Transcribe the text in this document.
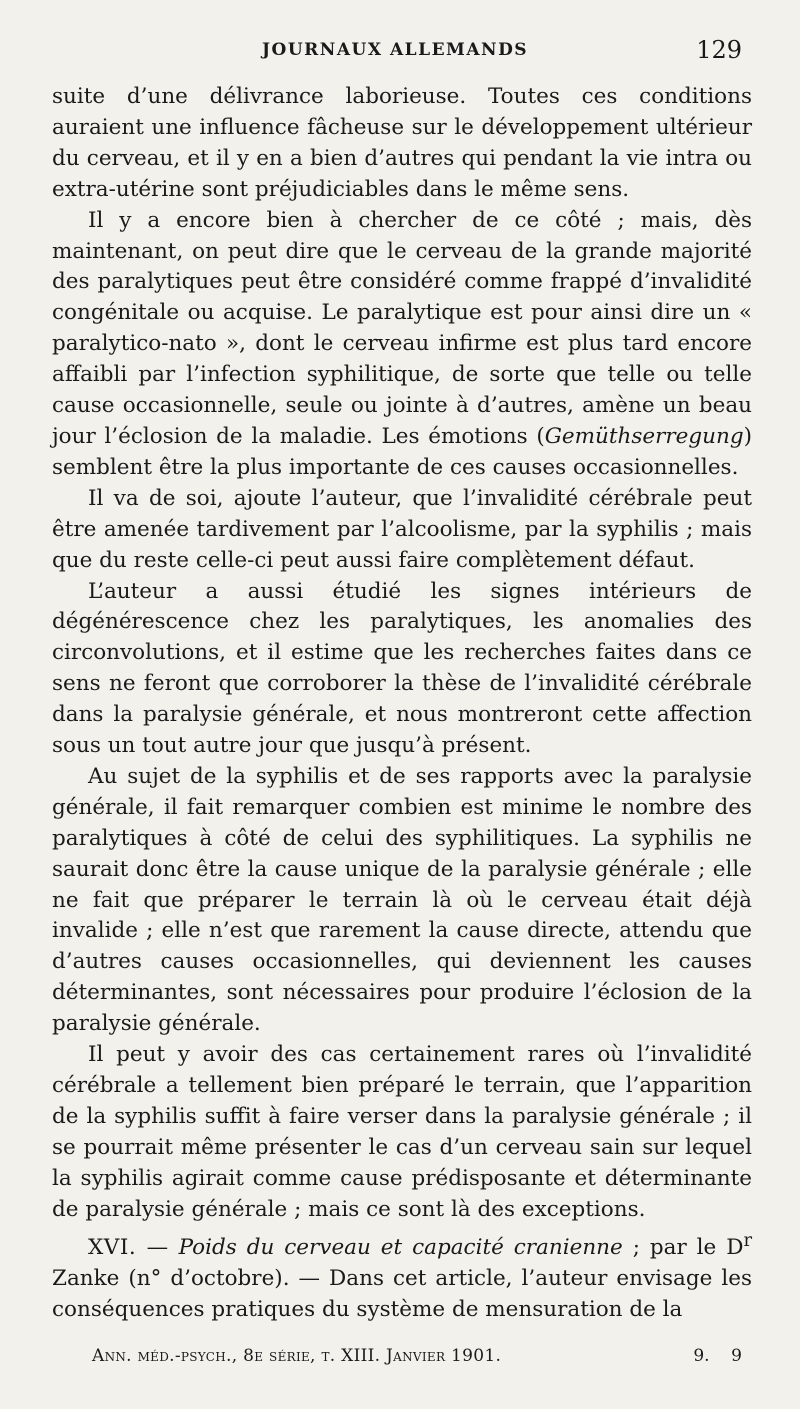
JOURNAUX ALLEMANDS	129

suite d’une délivrance laborieuse. Toutes ces conditions auraient une influence fâcheuse sur le développement ultérieur du cerveau, et il y en a bien d’autres qui pendant la vie intra ou extra-utérine sont préjudiciables dans le même sens.

Il y a encore bien à chercher de ce côté ; mais, dès maintenant, on peut dire que le cerveau de la grande majorité des paralytiques peut être considéré comme frappé d’invalidité congénitale ou acquise. Le paralytique est pour ainsi dire un « paralytico-nato », dont le cerveau infirme est plus tard encore affaibli par l’infection syphilitique, de sorte que telle ou telle cause occasionnelle, seule ou jointe à d’autres, amène un beau jour l’éclosion de la maladie. Les émotions (Gemüthserregung) semblent être la plus importante de ces causes occasionnelles.

Il va de soi, ajoute l’auteur, que l’invalidité cérébrale peut être amenée tardivement par l’alcoolisme, par la syphilis ; mais que du reste celle-ci peut aussi faire complètement défaut.

L’auteur a aussi étudié les signes intérieurs de dégénérescence chez les paralytiques, les anomalies des circonvolutions, et il estime que les recherches faites dans ce sens ne feront que corroborer la thèse de l’invalidité cérébrale dans la paralysie générale, et nous montreront cette affection sous un tout autre jour que jusqu’à présent.

Au sujet de la syphilis et de ses rapports avec la paralysie générale, il fait remarquer combien est minime le nombre des paralytiques à côté de celui des syphilitiques. La syphilis ne saurait donc être la cause unique de la paralysie générale ; elle ne fait que préparer le terrain là où le cerveau était déjà invalide ; elle n’est que rarement la cause directe, attendu que d’autres causes occasionnelles, qui deviennent les causes déterminantes, sont nécessaires pour produire l’éclosion de la paralysie générale.

Il peut y avoir des cas certainement rares où l’invalidité cérébrale a tellement bien préparé le terrain, que l’apparition de la syphilis suffit à faire verser dans la paralysie générale ; il se pourrait même présenter le cas d’un cerveau sain sur lequel la syphilis agirait comme cause prédisposante et déterminante de paralysie générale ; mais ce sont là des exceptions.

XVI. — Poids du cerveau et capacité cranienne ; par le $D^r$ Zanke (n° d’octobre). — Dans cet article, l’auteur envisage les conséquences pratiques du système de mensuration de la

Ann. méd.-psych., 8e série, t. XIII. Janvier 1901.	9.    9
